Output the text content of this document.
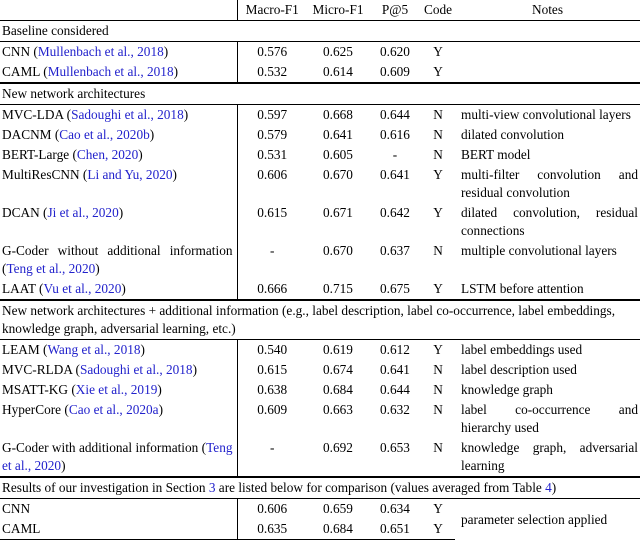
	Macro-F1	Micro-F1	P@5	Code	Notes
Baseline considered					
CNN (Mullenbach et al., 2018)	0.576	0.625	0.620	Y	
CAML (Mullenbach et al., 2018)	0.532	0.614	0.609	Y	
New network architectures					
MVC-LDA (Sadoughi et al., 2018)	0.597	0.668	0.644	N	multi-view convolutional layers
DACNM (Cao et al., 2020b)	0.579	0.641	0.616	N	dilated convolution
BERT-Large (Chen, 2020)	0.531	0.605	-	N	BERT model
MultiResCNN (Li and Yu, 2020)	0.606	0.670	0.641	Y	multi-filter convolution and residual convolution
DCAN (Ji et al., 2020)	0.615	0.671	0.642	Y	dilated convolution, residual connections
G-Coder without additional information (Teng et al., 2020)	-	0.670	0.637	N	multiple convolutional layers
LAAT (Vu et al., 2020)	0.666	0.715	0.675	Y	LSTM before attention
New network architectures + additional information (e.g., label description, label co-occurrence, label embeddings, knowledge graph, adversarial learning, etc.)					
LEAM (Wang et al., 2018)	0.540	0.619	0.612	Y	label embeddings used
MVC-RLDA (Sadoughi et al., 2018)	0.615	0.674	0.641	N	label description used
MSATT-KG (Xie et al., 2019)	0.638	0.684	0.644	N	knowledge graph
HyperCore (Cao et al., 2020a)	0.609	0.663	0.632	N	label co-occurrence and hierarchy used
G-Coder with additional information (Teng et al., 2020)	-	0.692	0.653	N	knowledge graph, adversarial learning
Results of our investigation in Section 3 are listed below for comparison (values averaged from Table 4)					
CNN	0.606	0.659	0.634	Y	parameter selection applied
CAML	0.635	0.684	0.651	Y	
